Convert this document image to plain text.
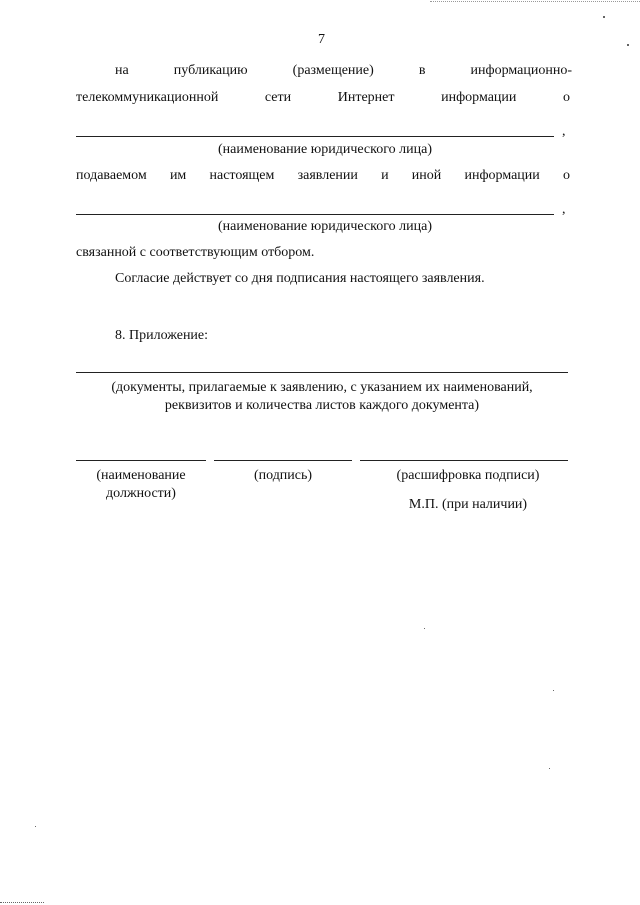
7
на	публикацию	(размещение)	в	информационно-
телекоммуникационной	сети	Интернет	информации	о
,
(наименование юридического лица)
подаваемом им настоящем заявлении и иной информации о
,
(наименование юридического лица)
связанной с соответствующим отбором.
Согласие действует со дня подписания настоящего заявления.
8. Приложение:
(документы, прилагаемые к заявлению, с указанием их наименований,
реквизитов и количества листов каждого документа)
(наименование
должности)
(подпись)	(расшифровка подписи)
М.П. (при наличии)
